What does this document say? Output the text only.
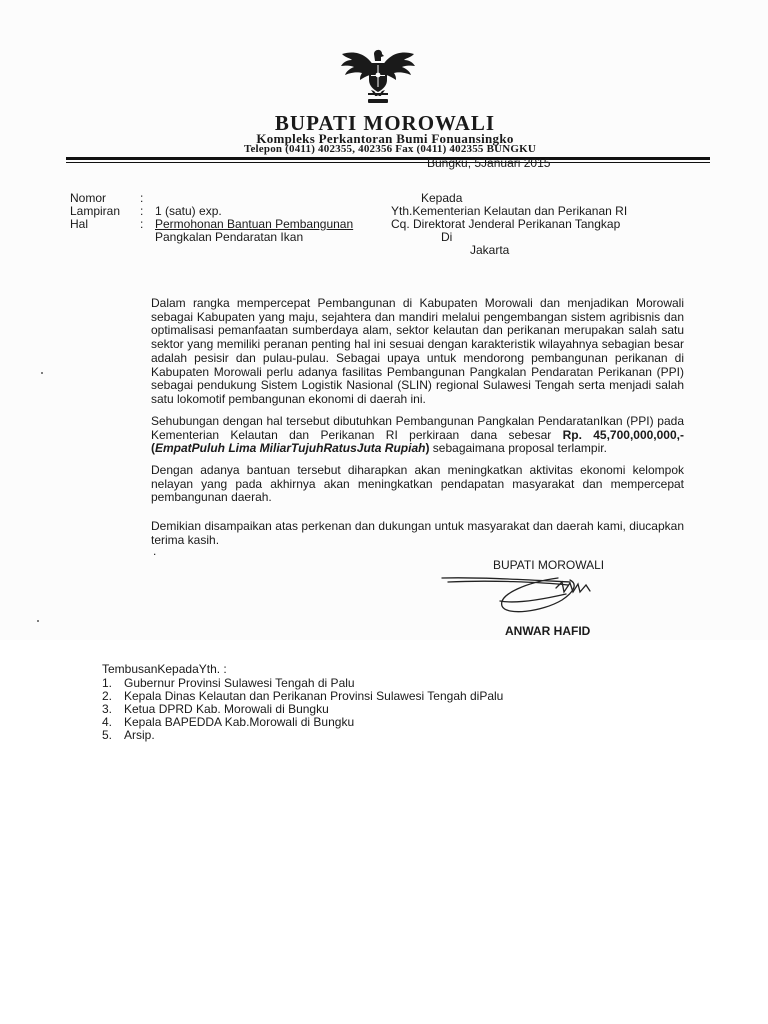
BUPATI MOROWALI
Kompleks Perkantoran Bumi Fonuansingko
Telepon (0411) 402355, 402356 Fax (0411) 402355 BUNGKU
Bungku, 5Januari 2015
Nomor	:
Lampiran : 1 (satu) exp.
Hal	: Permohonan Bantuan Pembangunan
Pangkalan Pendaratan Ikan
Kepada
Yth.Kementerian Kelautan dan Perikanan RI
Cq. Direktorat Jenderal Perikanan Tangkap
Di
Jakarta
Dalam rangka mempercepat Pembangunan di Kabupaten Morowali dan menjadikan Morowali sebagai Kabupaten yang maju, sejahtera dan mandiri melalui pengembangan sistem agribisnis dan optimalisasi pemanfaatan sumberdaya alam, sektor kelautan dan perikanan merupakan salah satu sektor yang memiliki peranan penting hal ini sesuai dengan karakteristik wilayahnya sebagian besar adalah pesisir dan pulau-pulau. Sebagai upaya untuk mendorong pembangunan perikanan di Kabupaten Morowali perlu adanya fasilitas Pembangunan Pangkalan Pendaratan Perikanan (PPI) sebagai pendukung Sistem Logistik Nasional (SLIN) regional Sulawesi Tengah serta menjadi salah satu lokomotif pembangunan ekonomi di daerah ini.
Sehubungan dengan hal tersebut dibutuhkan Pembangunan Pangkalan PendaratanIkan (PPI) pada Kementerian Kelautan dan Perikanan RI perkiraan dana sebesar Rp. 45,700,000,000,- (EmpatPuluh Lima MiliarTujuhRatusJuta Rupiah) sebagaimana proposal terlampir.
Dengan adanya bantuan tersebut diharapkan akan meningkatkan aktivitas ekonomi kelompok nelayan yang pada akhirnya akan meningkatkan pendapatan masyarakat dan mempercepat pembangunan daerah.
Demikian disampaikan atas perkenan dan dukungan untuk masyarakat dan daerah kami, diucapkan terima kasih.
.
BUPATI MOROWALI
ANWAR HAFID
TembusanKepadaYth. :
1. Gubernur Provinsi Sulawesi Tengah di Palu
2. Kepala Dinas Kelautan dan Perikanan Provinsi Sulawesi Tengah diPalu
3. Ketua DPRD Kab. Morowali di Bungku
4. Kepala BAPEDDA Kab.Morowali di Bungku
5. Arsip.
